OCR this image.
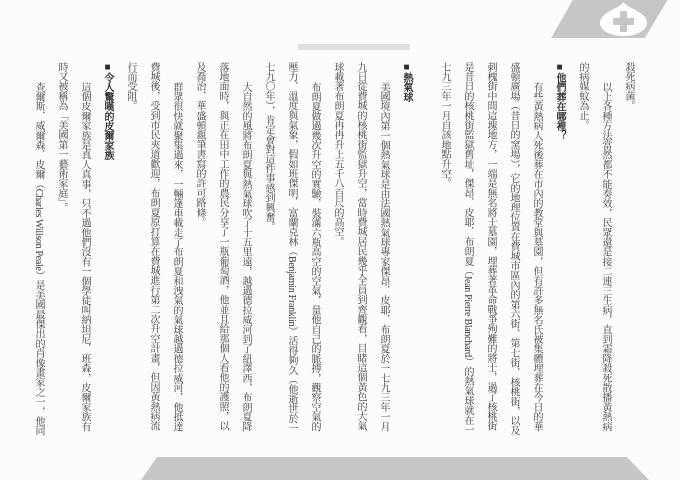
殺死病菌。

以上各種方法當然都不能奏效，民眾還是接二連三生病，直到霜降殺死散播黃熱病的病媒蚊為止。

■他們葬在哪裡？

有些黃熱病人死後葬在市內的教堂與墓園，但有許多無名氏被集體埋葬在今日的華盛頓廣場（昔日的窯場），它的地理位置在費城市區內的第六街、第七街、核桃街，以及刺槐街中間這塊地方，一端是無名將士墓園，埋葬著革命戰爭殉難的將士，過了核桃街是昔日的核桃街監獄舊址，傑昂．皮耶．布朗夏（Jean Pierre Blanchard）的熱氣球就在一七九三年一月自該地點升空。

■熱氣球

美國境內第一個熱氣球是由法國熱氣球專家傑昂．皮耶．布朗夏於一七九三年一月九日從費城的核桃街監獄升空，當時費城居民幾乎全員到齊觀看，目睹這個黃色的大氣球載著布朗夏冉冉升上五千八百尺的高空。

布朗夏做過幾次升空的實驗，裝滿六瓶高空的空氣，量他自己的脈搏，觀察空氣的壓力、溫度與氣象，假如班傑明．富蘭克林（Benjamin Franklin）活得夠久（他逝世於一七九〇年），肯定會對這件事感到興奮。

大自然的風將布朗夏與熱氣球吹了十五里遠，越過德拉威河到了紐澤西，布朗夏降落地面時，與正在田中工作的農民分享了一瓶葡萄酒，他並且給那個人看他的護照，以及喬治．華盛頓親筆書寫的許可路條。

群眾很快就聚集過來，一輛篷車載走了布朗夏和洩氣的氣球越過德拉威河，他抵達費城後，受到市民夾道歡迎，布朗夏原打算在費城進行第二次升空計畫，但因黃熱病流行而受阻。

■令人驚嘆的皮爾家族

這個皮爾家族是真人真事，只不過他們沒有一個學徒叫納坦尼．班森，皮爾家族有時又被稱為「美國第一藝術家庭」。

查爾斯．威爾森．皮爾（Charles Willson Peale）是美國最傑出的肖像畫家之一，他同
